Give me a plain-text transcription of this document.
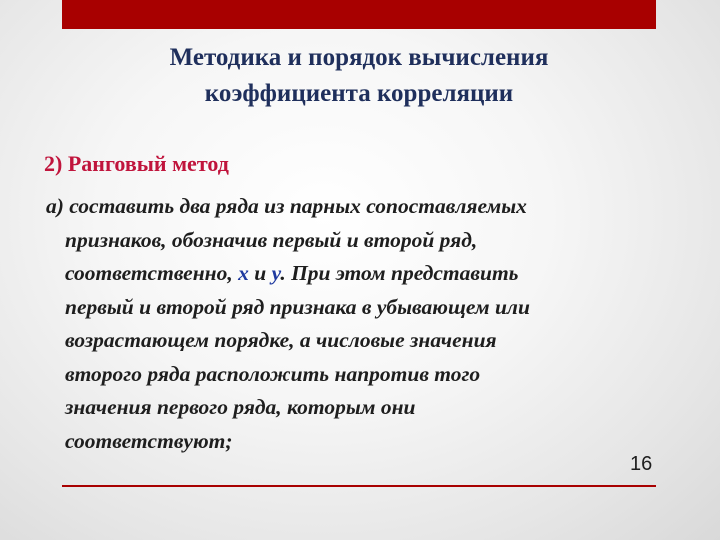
Методика и порядок вычисления
коэффициента корреляции
2) Ранговый метод
а) составить два ряда из парных сопоставляемых
признаков, обозначив первый и второй ряд,
соответственно, x и y. При этом представить
первый и второй ряд признака в убывающем или
возрастающем порядке, а числовые значения
второго ряда расположить напротив того
значения первого ряда, которым они
соответствуют;
16
